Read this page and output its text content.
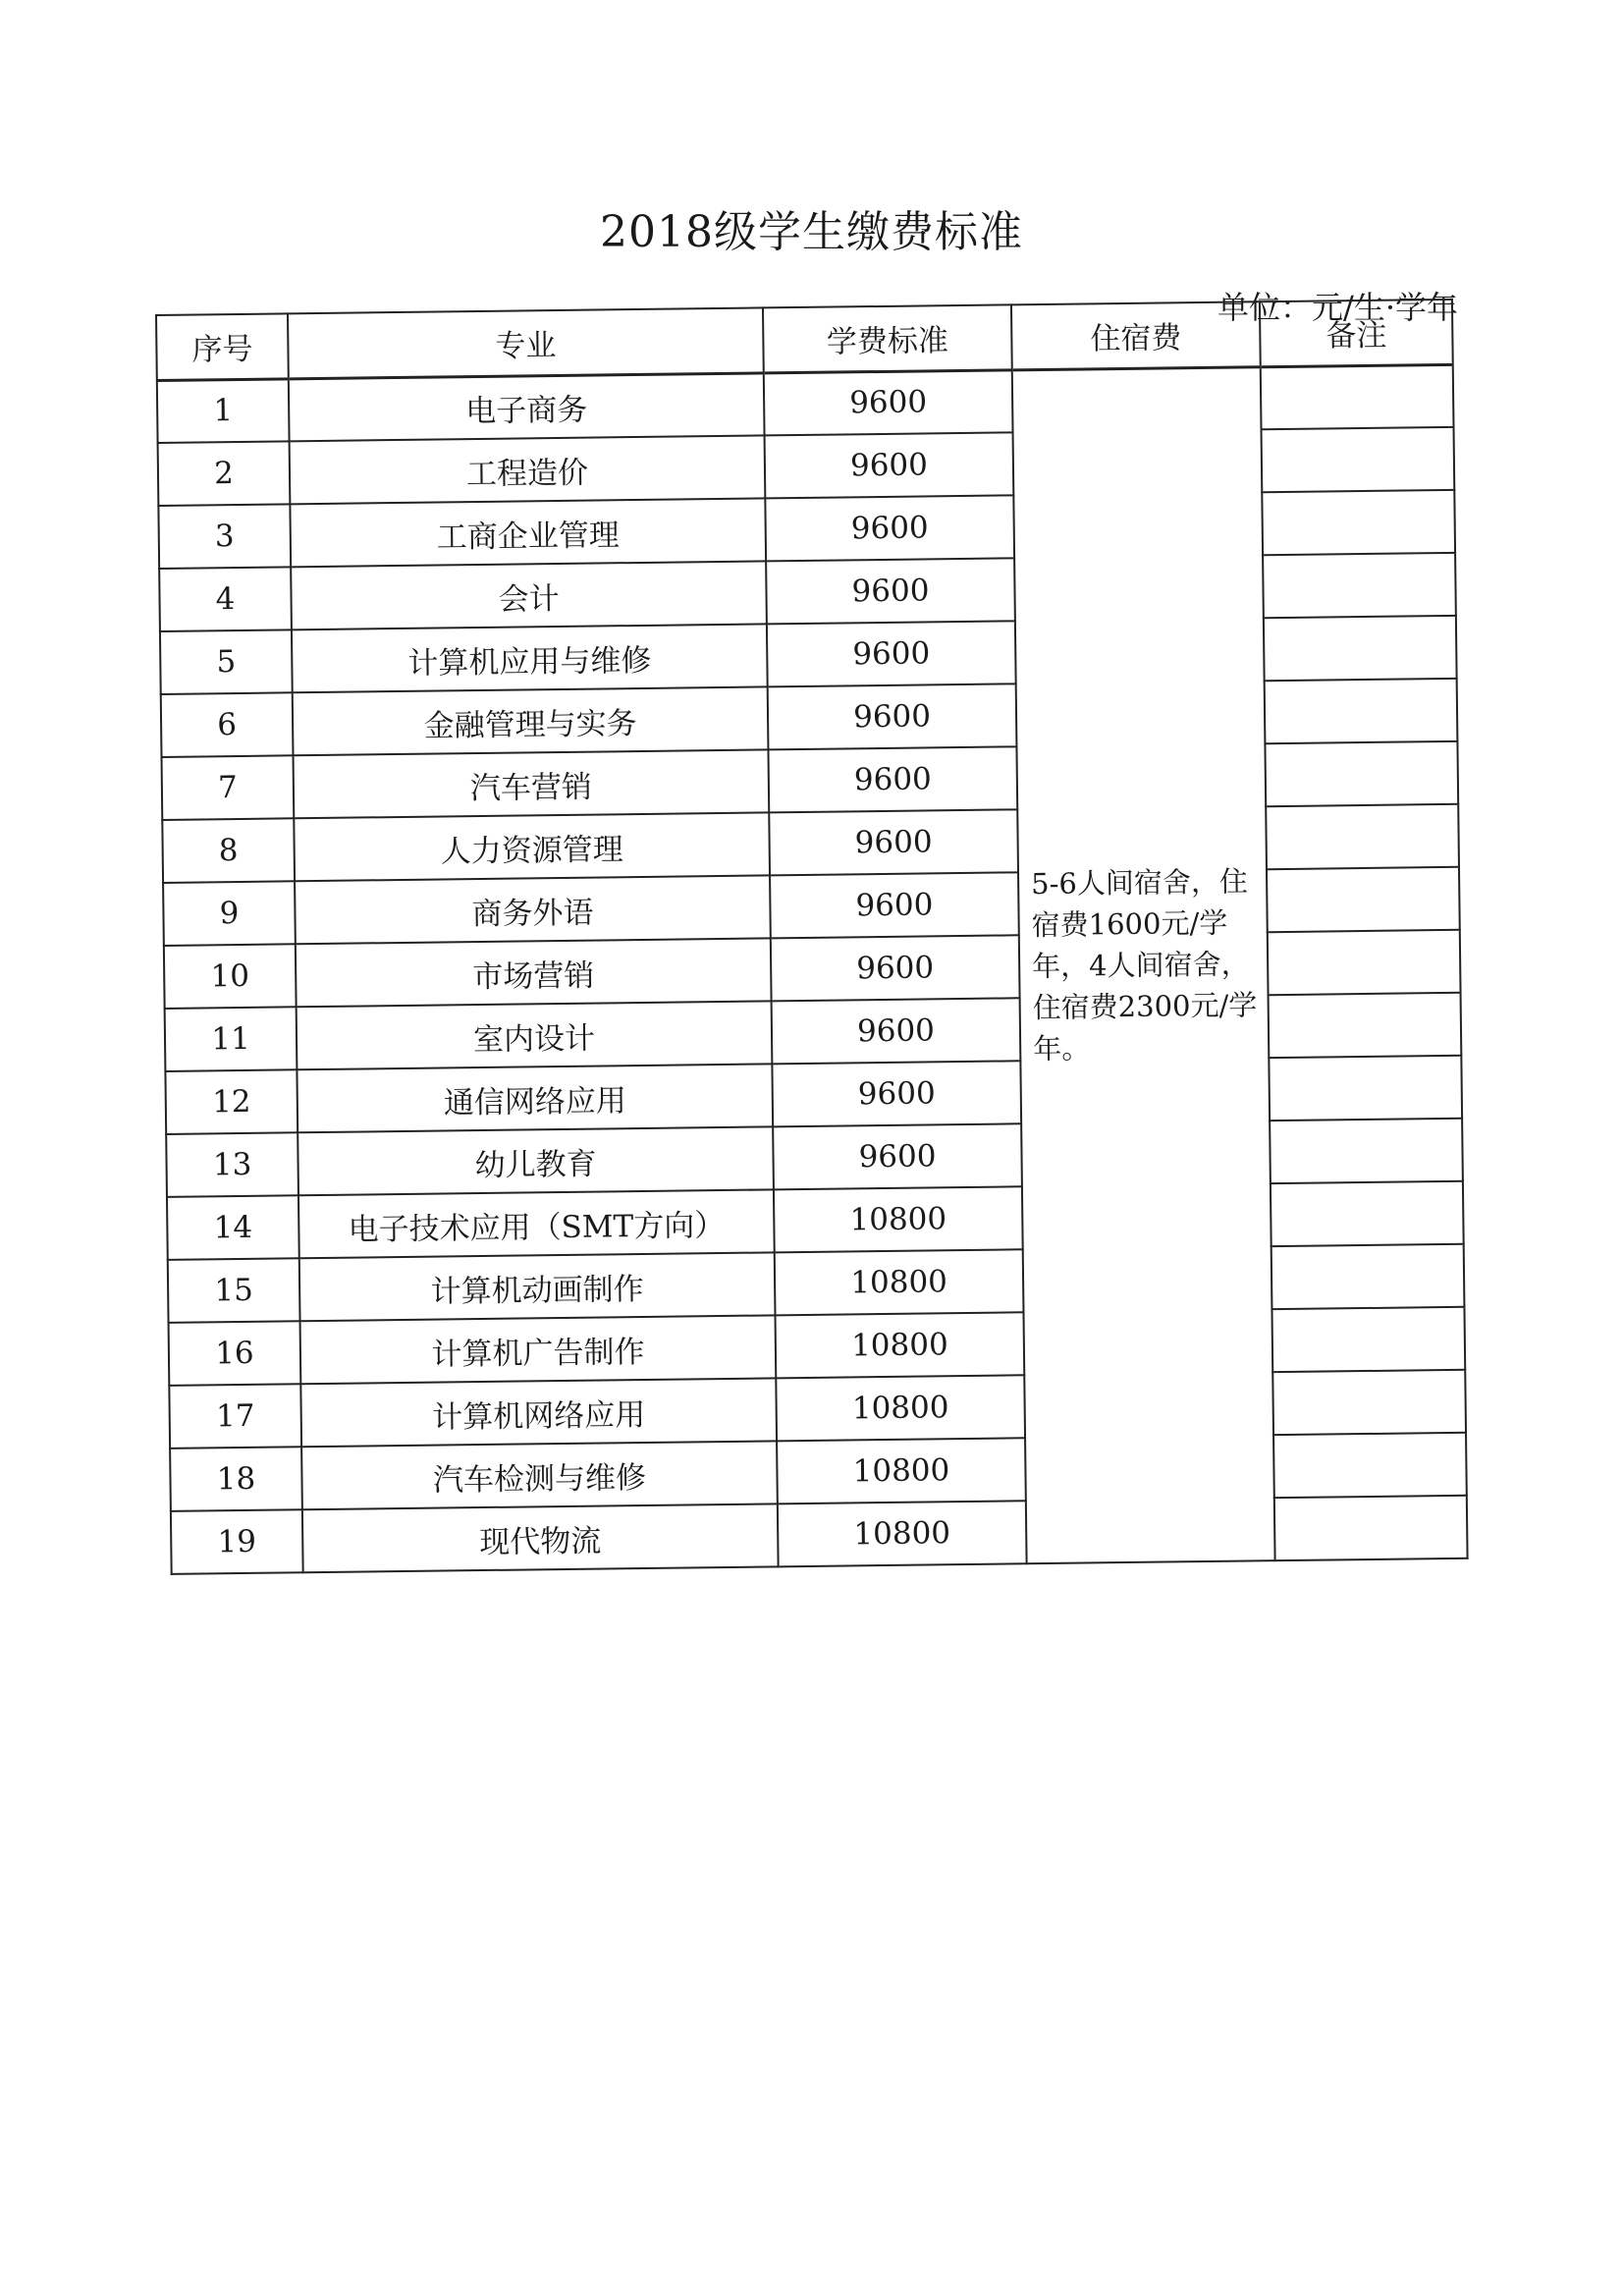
2018级学生缴费标准
单位：元/生·学年
序号	专业	学费标准	住宿费	备注
1	电子商务	9600	5-6人间宿舍，住宿费1600元/学年，4人间宿舍，住宿费2300元/学年。	
2	工程造价	9600		
3	工商企业管理	9600		
4	会计	9600		
5	计算机应用与维修	9600		
6	金融管理与实务	9600		
7	汽车营销	9600		
8	人力资源管理	9600		
9	商务外语	9600		
10	市场营销	9600		
11	室内设计	9600		
12	通信网络应用	9600		
13	幼儿教育	9600		
14	电子技术应用（SMT方向）	10800		
15	计算机动画制作	10800		
16	计算机广告制作	10800		
17	计算机网络应用	10800		
18	汽车检测与维修	10800		
19	现代物流	10800		
